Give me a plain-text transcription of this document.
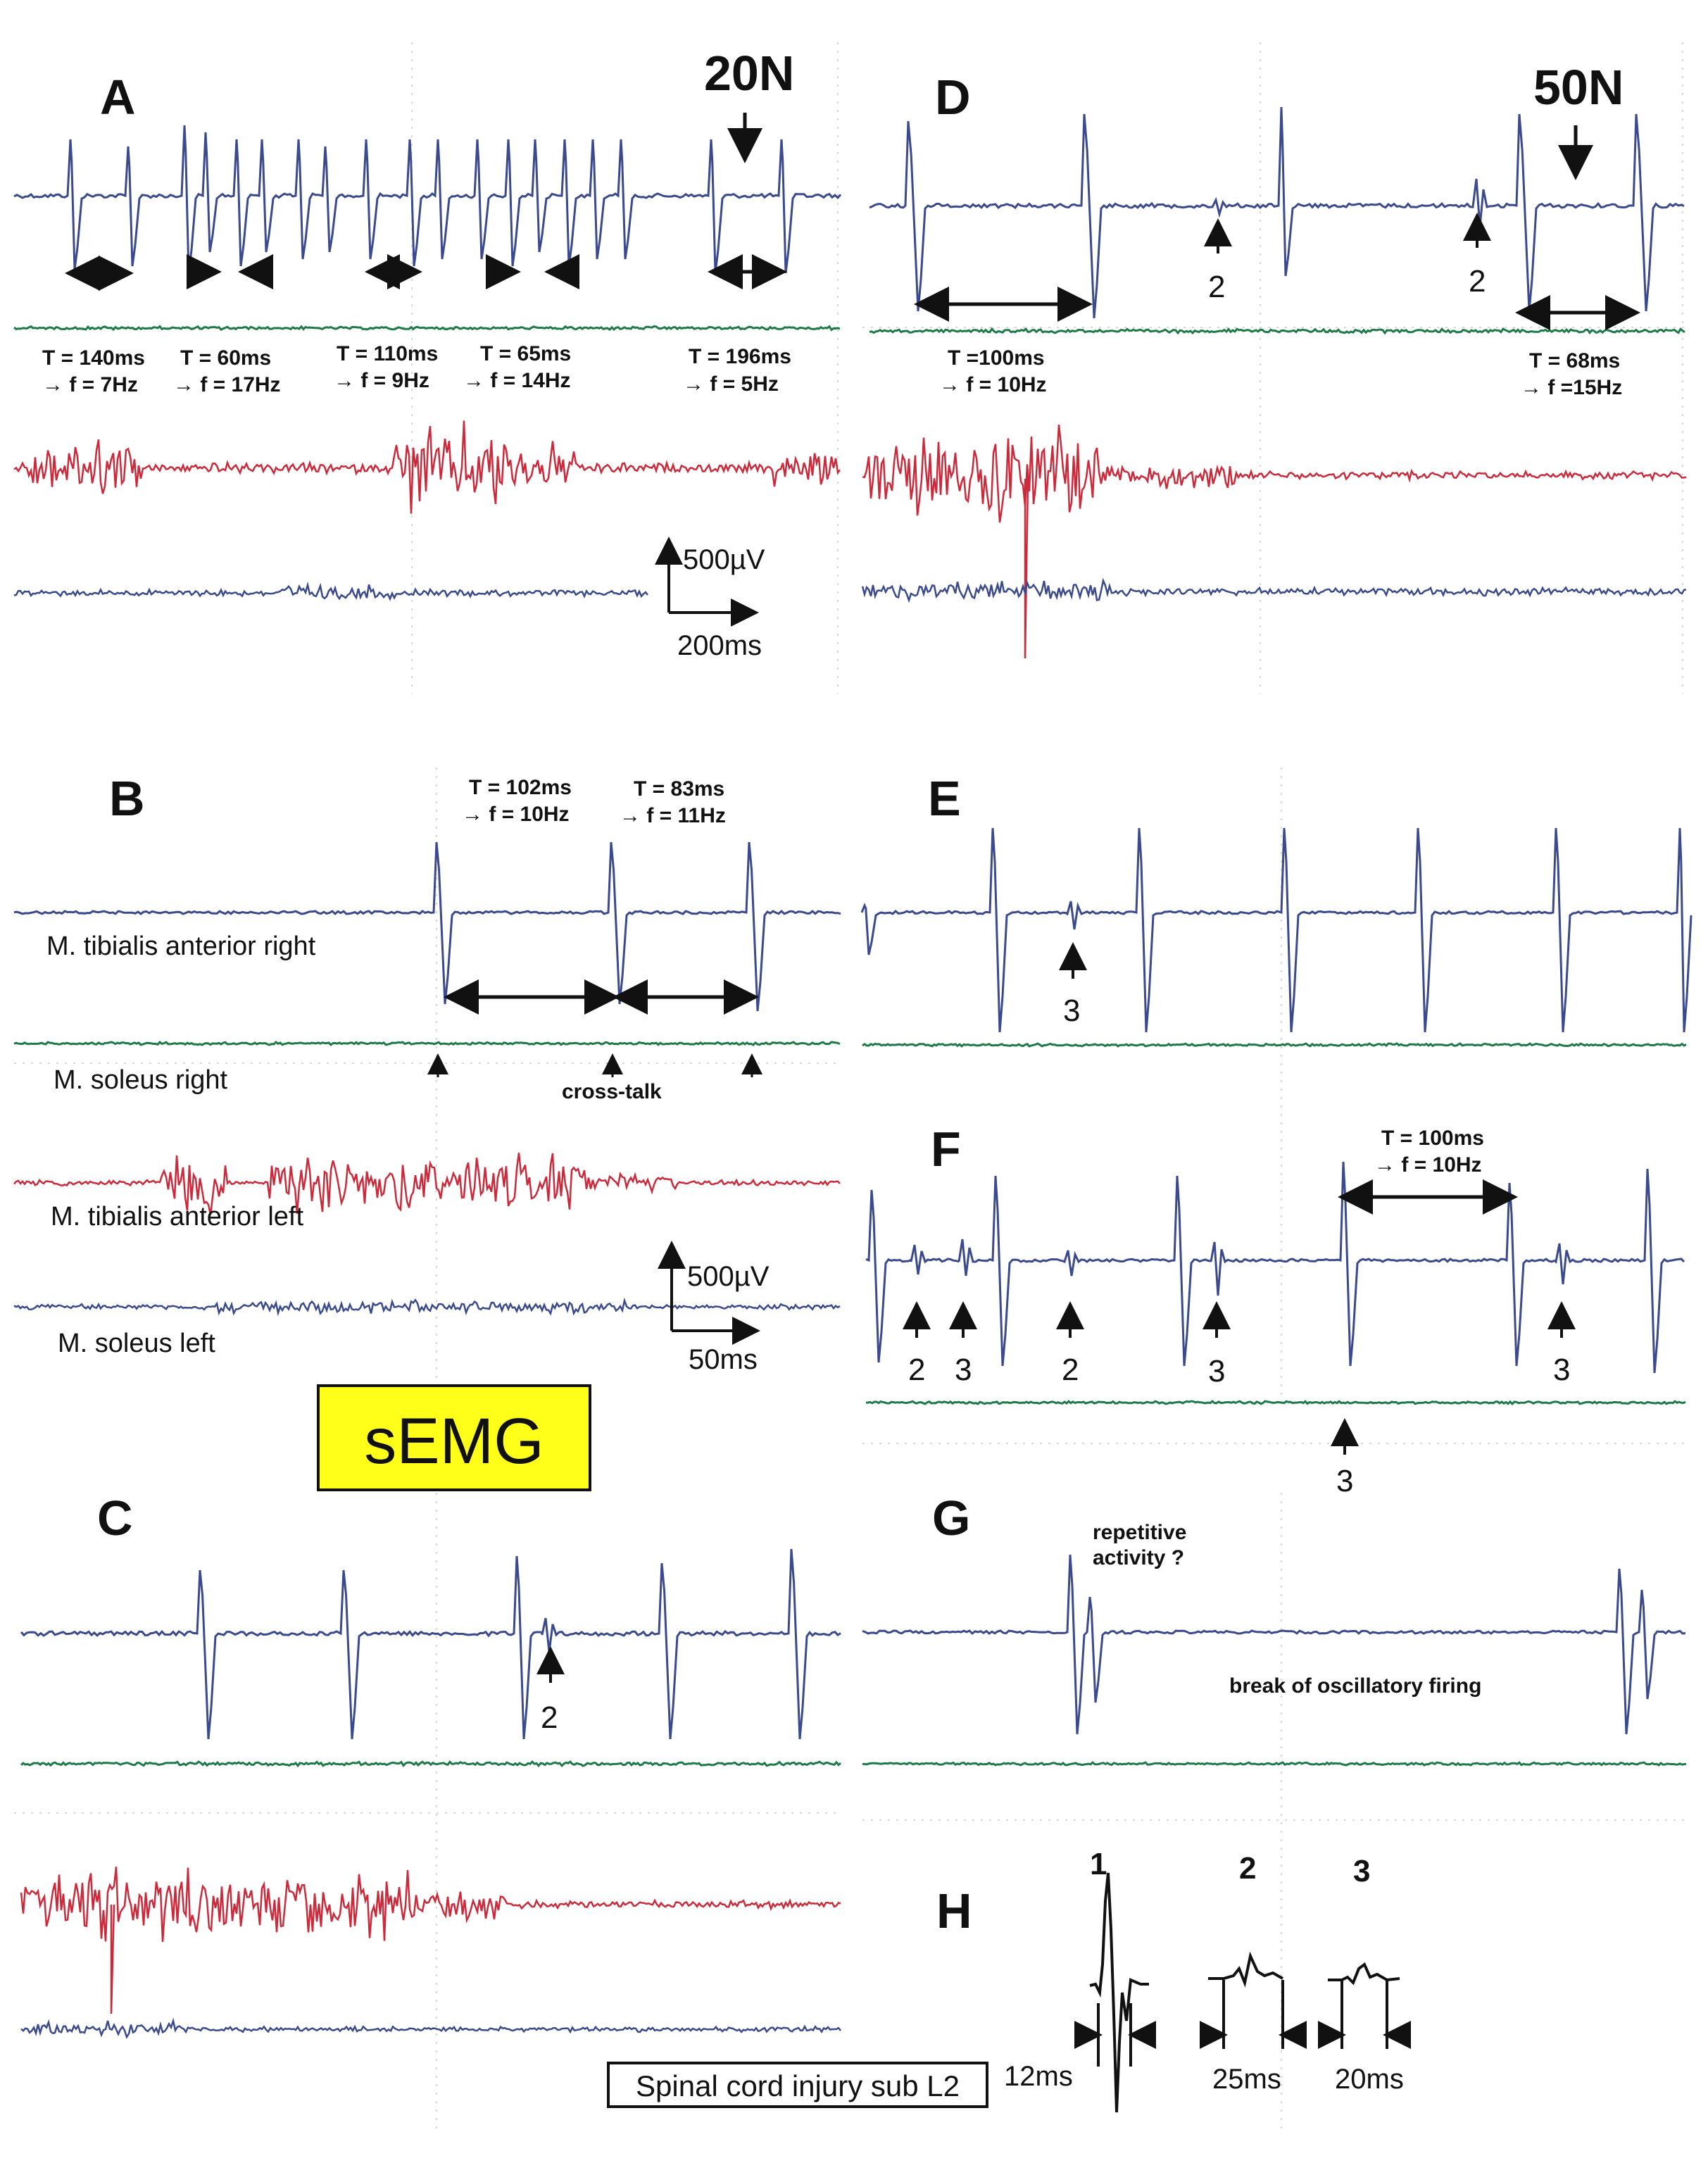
A	20N
T = 140ms
→ f = 7Hz
T = 60ms
→ f = 17Hz
T = 110ms
→ f = 9Hz
T = 65ms
→ f = 14Hz
T = 196ms
→ f = 5Hz
500µV
200ms
D	50N
2	2
T =100ms
→ f = 10Hz
T = 68ms
→ f =15Hz
B	T = 102ms
→ f = 10Hz
T = 83ms
→ f = 11Hz
M. tibialis anterior right
M. soleus right
M. tibialis anterior left
M. soleus left
cross-talk
500µV
50ms
E
3
F	T = 100ms
→ f = 10Hz
2 3	2	3	3
3
sEMG
C
2
G	repetitive
activity ?
break of oscillatory firing
H
1	2	3
12ms	25ms 20ms
Spinal cord injury sub L2
